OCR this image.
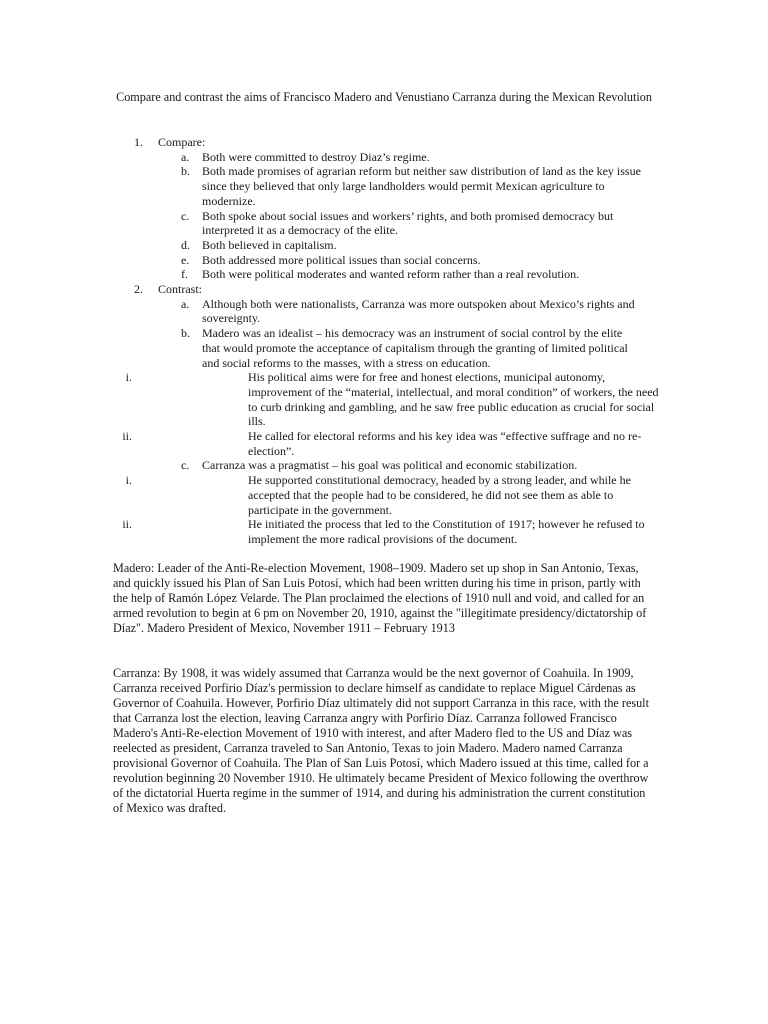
Compare and contrast the aims of Francisco Madero and Venustiano Carranza during the Mexican Revolution
1. Compare:
a. Both were committed to destroy Diaz’s regime.
b. Both made promises of agrarian reform but neither saw distribution of land as the key issue since they believed that only large landholders would permit Mexican agriculture to modernize.
c. Both spoke about social issues and workers’ rights, and both promised democracy but interpreted it as a democracy of the elite.
d. Both believed in capitalism.
e. Both addressed more political issues than social concerns.
f. Both were political moderates and wanted reform rather than a real revolution.
2. Contrast:
a. Although both were nationalists, Carranza was more outspoken about Mexico’s rights and sovereignty.
b. Madero was an idealist – his democracy was an instrument of social control by the elite that would promote the acceptance of capitalism through the granting of limited political and social reforms to the masses, with a stress on education.
i.	His political aims were for free and honest elections, municipal autonomy, improvement of the “material, intellectual, and moral condition” of workers, the need to curb drinking and gambling, and he saw free public education as crucial for social ills.
ii.	He called for electoral reforms and his key idea was “effective suffrage and no re-election”.
c. Carranza was a pragmatist – his goal was political and economic stabilization.
i.	He supported constitutional democracy, headed by a strong leader, and while he accepted that the people had to be considered, he did not see them as able to participate in the government.
ii.	He initiated the process that led to the Constitution of 1917; however he refused to implement the more radical provisions of the document.
Madero: Leader of the Anti-Re-election Movement, 1908–1909. Madero set up shop in San Antonio, Texas, and quickly issued his Plan of San Luis Potosí, which had been written during his time in prison, partly with the help of Ramón López Velarde. The Plan proclaimed the elections of 1910 null and void, and called for an armed revolution to begin at 6 pm on November 20, 1910, against the "illegitimate presidency/dictatorship of Díaz". Madero President of Mexico, November 1911 – February 1913
Carranza: By 1908, it was widely assumed that Carranza would be the next governor of Coahuila. In 1909, Carranza received Porfirio Díaz's permission to declare himself as candidate to replace Miguel Cárdenas as Governor of Coahuila. However, Porfirio Díaz ultimately did not support Carranza in this race, with the result that Carranza lost the election, leaving Carranza angry with Porfirio Díaz. Carranza followed Francisco Madero's Anti-Re-election Movement of 1910 with interest, and after Madero fled to the US and Díaz was reelected as president, Carranza traveled to San Antonio, Texas to join Madero. Madero named Carranza provisional Governor of Coahuila. The Plan of San Luis Potosí, which Madero issued at this time, called for a revolution beginning 20 November 1910. He ultimately became President of Mexico following the overthrow of the dictatorial Huerta regime in the summer of 1914, and during his administration the current constitution of Mexico was drafted.
